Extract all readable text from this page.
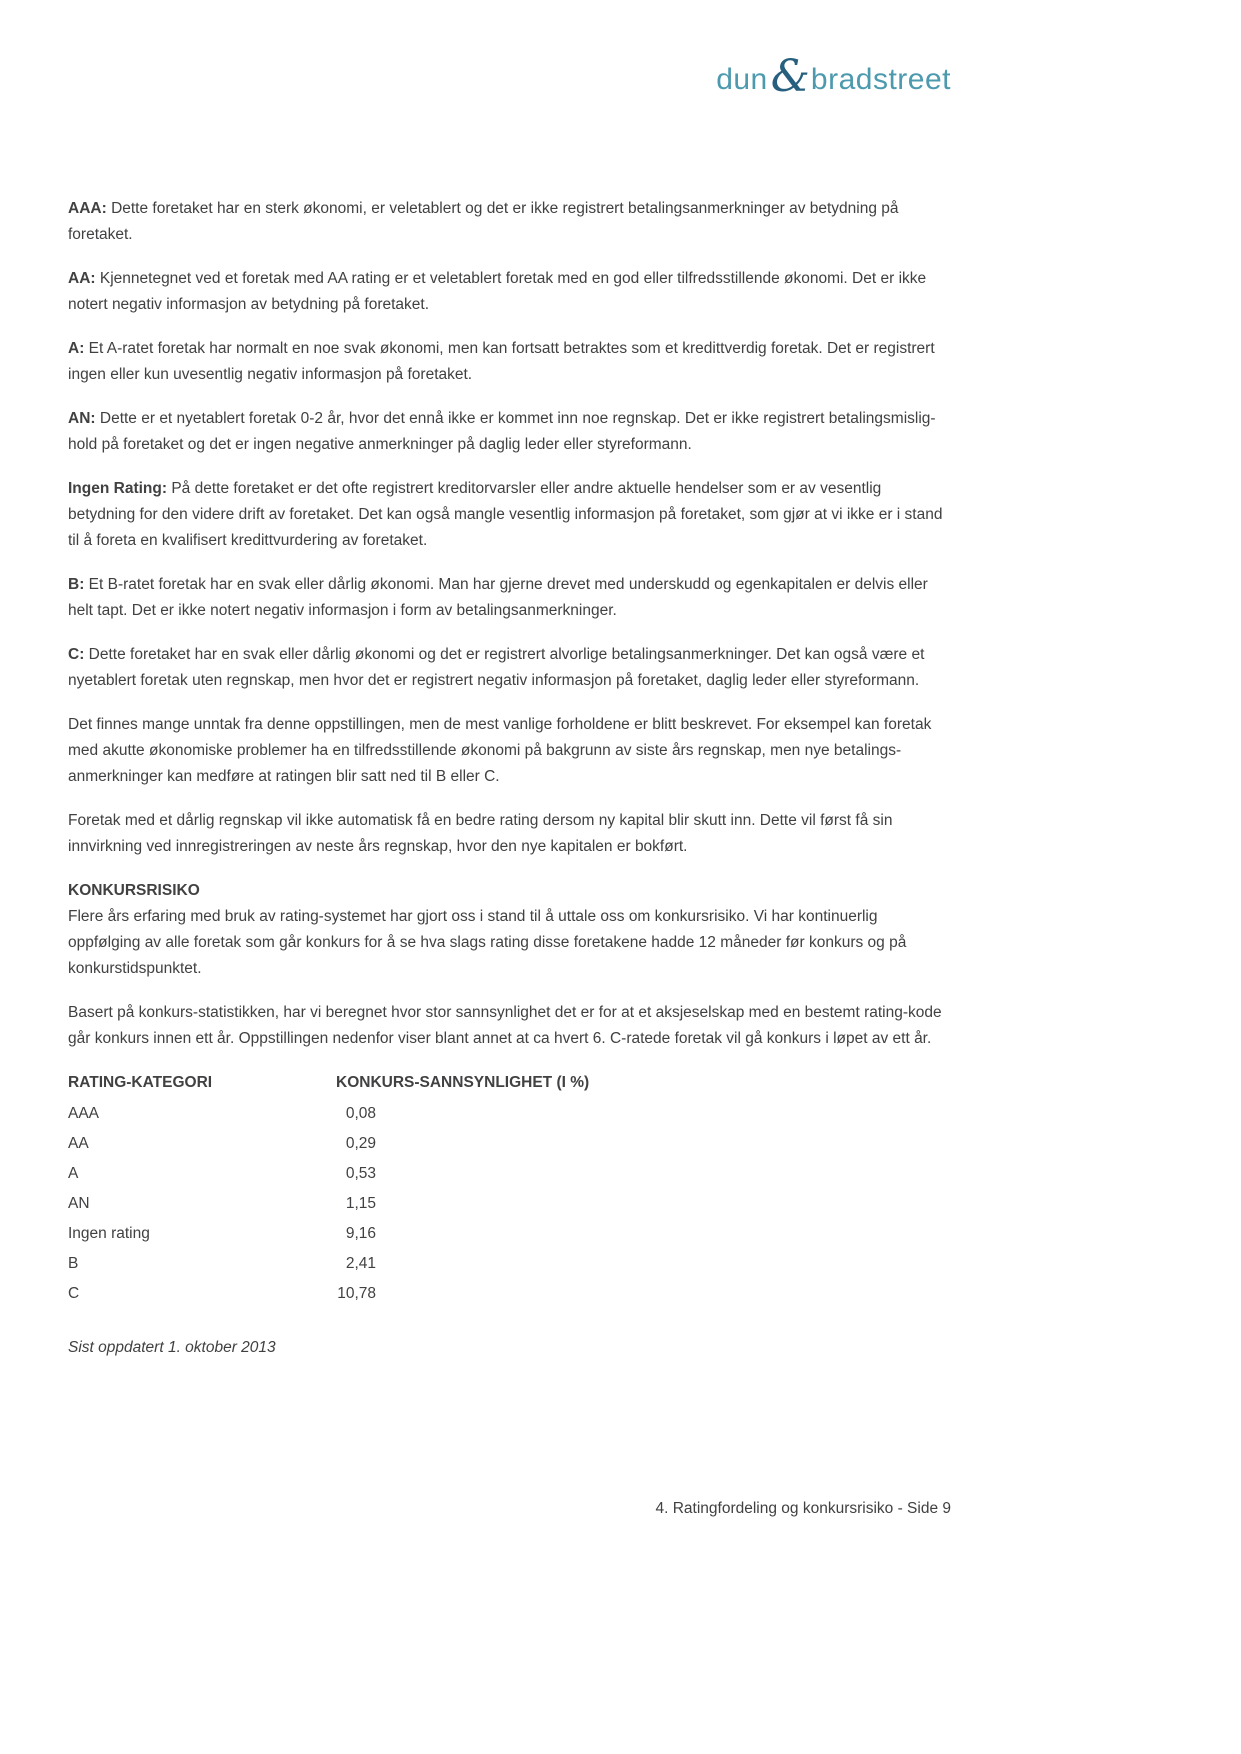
dun & bradstreet

AAA: Dette foretaket har en sterk økonomi, er veletablert og det er ikke registrert betalingsanmerkninger av betydning på foretaket.

AA: Kjennetegnet ved et foretak med AA rating er et veletablert foretak med en god eller tilfredsstillende økonomi. Det er ikke notert negativ informasjon av betydning på foretaket.

A: Et A-ratet foretak har normalt en noe svak økonomi, men kan fortsatt betraktes som et kredittverdig foretak. Det er registrert ingen eller kun uvesentlig negativ informasjon på foretaket.

AN: Dette er et nyetablert foretak 0-2 år, hvor det ennå ikke er kommet inn noe regnskap. Det er ikke registrert betalingsmislig- hold på foretaket og det er ingen negative anmerkninger på daglig leder eller styreformann.

Ingen Rating: På dette foretaket er det ofte registrert kreditorvarsler eller andre aktuelle hendelser som er av vesentlig betydning for den videre drift av foretaket. Det kan også mangle vesentlig informasjon på foretaket, som gjør at vi ikke er i stand til å foreta en kvalifisert kredittvurdering av foretaket.

B: Et B-ratet foretak har en svak eller dårlig økonomi. Man har gjerne drevet med underskudd og egenkapitalen er delvis eller helt tapt. Det er ikke notert negativ informasjon i form av betalingsanmerkninger.

C: Dette foretaket har en svak eller dårlig økonomi og det er registrert alvorlige betalingsanmerkninger. Det kan også være et nyetablert foretak uten regnskap, men hvor det er registrert negativ informasjon på foretaket, daglig leder eller styreformann.

Det finnes mange unntak fra denne oppstillingen, men de mest vanlige forholdene er blitt beskrevet. For eksempel kan foretak med akutte økonomiske problemer ha en tilfredsstillende økonomi på bakgrunn av siste års regnskap, men nye betalings- anmerkninger kan medføre at ratingen blir satt ned til B eller C.

Foretak med et dårlig regnskap vil ikke automatisk få en bedre rating dersom ny kapital blir skutt inn. Dette vil først få sin innvirkning ved innregistreringen av neste års regnskap, hvor den nye kapitalen er bokført.

KONKURSRISIKO

Flere års erfaring med bruk av rating-systemet har gjort oss i stand til å uttale oss om konkursrisiko. Vi har kontinuerlig oppfølging av alle foretak som går konkurs for å se hva slags rating disse foretakene hadde 12 måneder før konkurs og på konkurstidspunktet.

Basert på konkurs-statistikken, har vi beregnet hvor stor sannsynlighet det er for at et aksjeselskap med en bestemt rating-kode går konkurs innen ett år. Oppstillingen nedenfor viser blant annet at ca hvert 6. C-ratede foretak vil gå konkurs i løpet av ett år.

RATING-KATEGORI	KONKURS-SANNSYNLIGHET (I %)
AAA	0,08
AA	0,29
A	0,53
AN	1,15
Ingen rating	9,16
B	2,41
C	10,78
Sist oppdatert 1. oktober 2013
4. Ratingfordeling og konkursrisiko - Side 9
